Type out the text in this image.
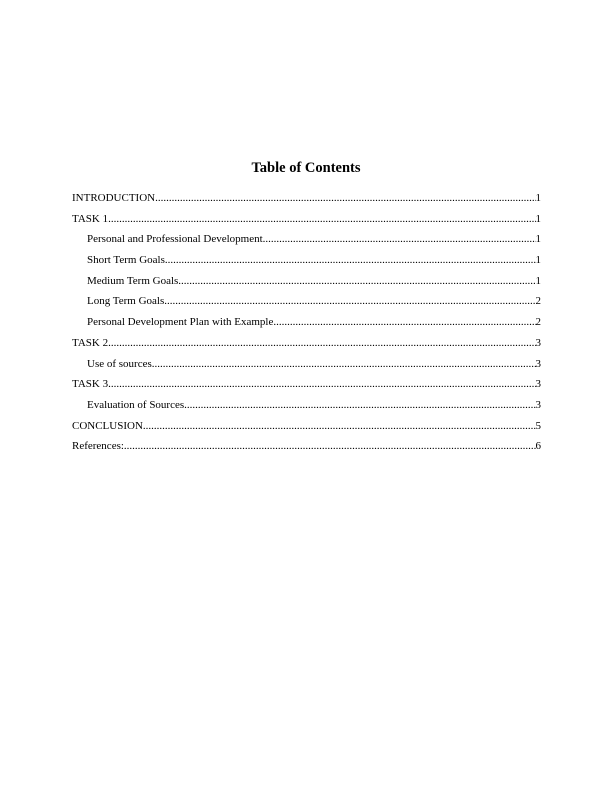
Table of Contents
INTRODUCTION .....	1
TASK 1 .....	1
Personal and Professional Development .....	1
Short Term Goals .....	1
Medium Term Goals .....	1
Long Term Goals .....	2
Personal Development Plan with Example .....	2
TASK 2 .....	3
Use of sources .....	3
TASK 3 .....	3
Evaluation of Sources .....	3
CONCLUSION .....	5
References: .....	6
